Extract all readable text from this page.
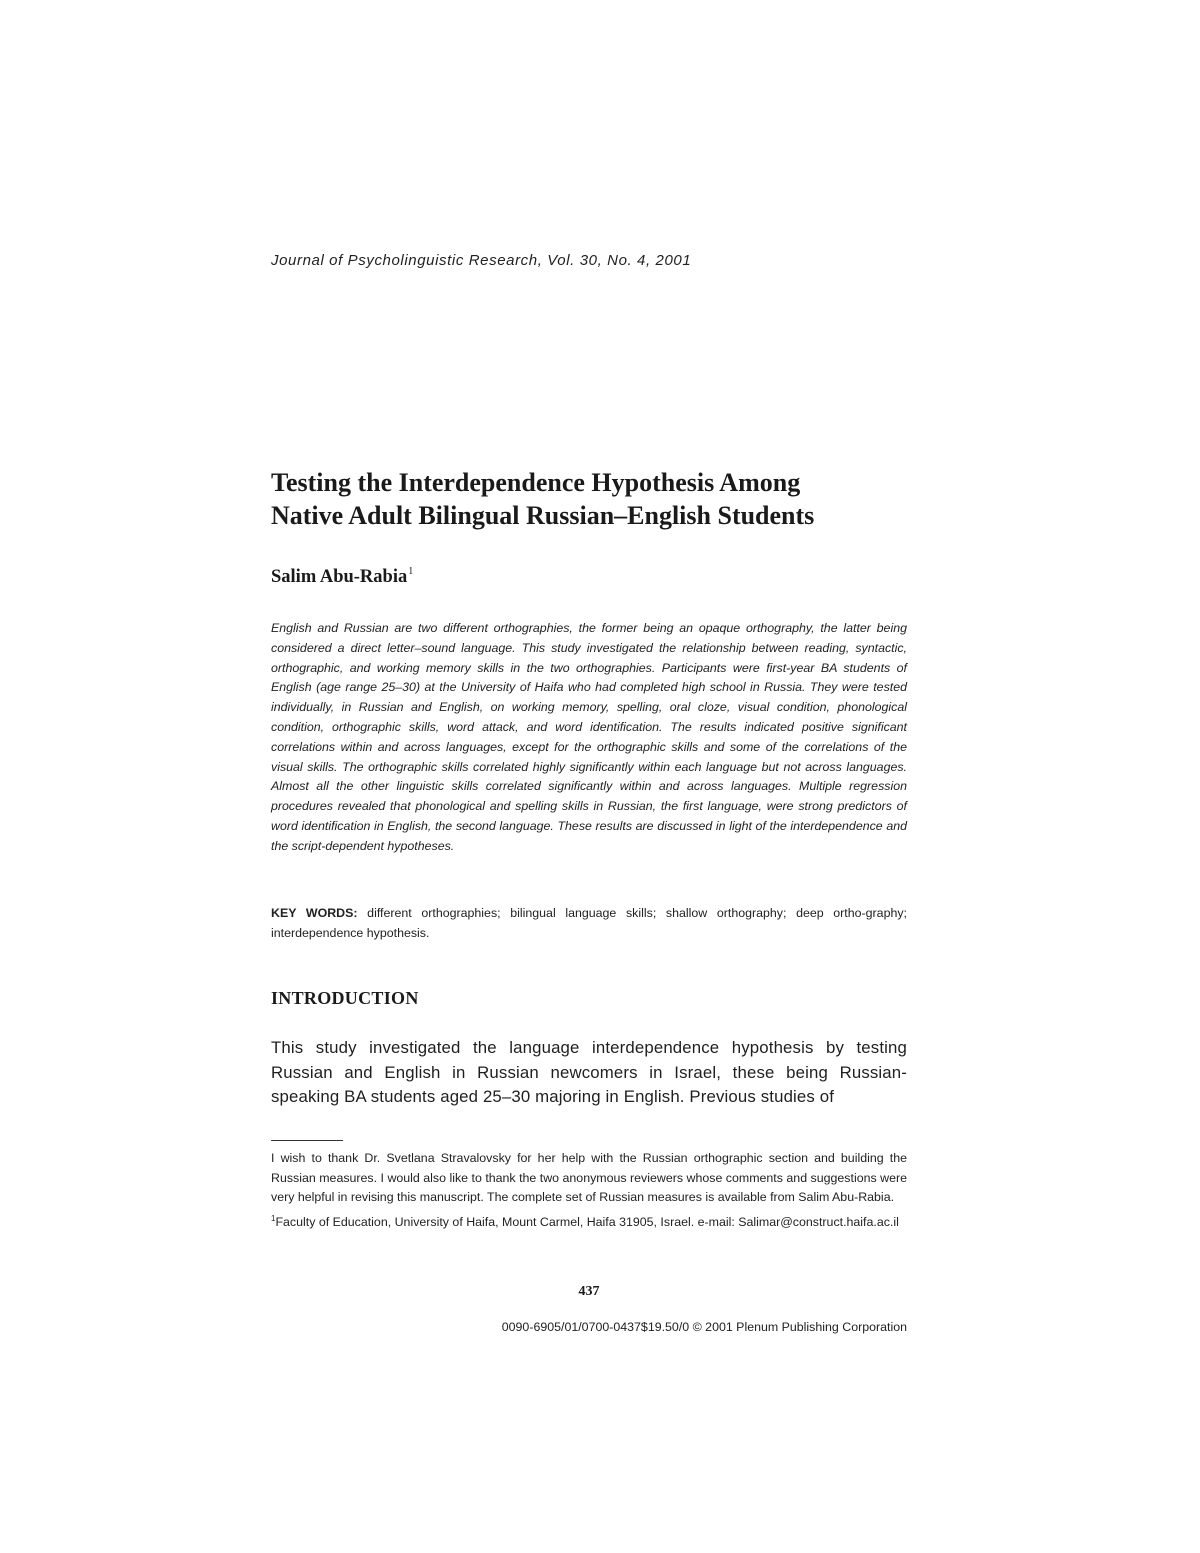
Journal of Psycholinguistic Research, Vol. 30, No. 4, 2001
Testing the Interdependence Hypothesis Among
Native Adult Bilingual Russian–English Students
Salim Abu-Rabia$^1$

English and Russian are two different orthographies, the former being an opaque orthography, the latter being considered a direct letter–sound language. This study investigated the relationship between reading, syntactic, orthographic, and working memory skills in the two orthographies. Participants were first-year BA students of English (age range 25–30) at the University of Haifa who had completed high school in Russia. They were tested individually, in Russian and English, on working memory, spelling, oral cloze, visual condition, phonological condition, orthographic skills, word attack, and word identification. The results indicated positive significant correlations within and across languages, except for the orthographic skills and some of the correlations of the visual skills. The orthographic skills correlated highly significantly within each language but not across languages. Almost all the other linguistic skills correlated significantly within and across languages. Multiple regression procedures revealed that phonological and spelling skills in Russian, the first language, were strong predictors of word identification in English, the second language. These results are discussed in light of the interdependence and the script-dependent hypotheses.

KEY WORDS: different orthographies; bilingual language skills; shallow orthography; deep ortho-graphy; interdependence hypothesis.

INTRODUCTION

This study investigated the language interdependence hypothesis by testing Russian and English in Russian newcomers in Israel, these being Russian-speaking BA students aged 25–30 majoring in English. Previous studies of

I wish to thank Dr. Svetlana Stravalovsky for her help with the Russian orthographic section and building the Russian measures. I would also like to thank the two anonymous reviewers whose comments and suggestions were very helpful in revising this manuscript. The complete set of Russian measures is available from Salim Abu-Rabia.

$^1$Faculty of Education, University of Haifa, Mount Carmel, Haifa 31905, Israel. e-mail: Salimar@construct.haifa.ac.il

437
0090-6905/01/0700-0437$19.50/0 © 2001 Plenum Publishing Corporation
